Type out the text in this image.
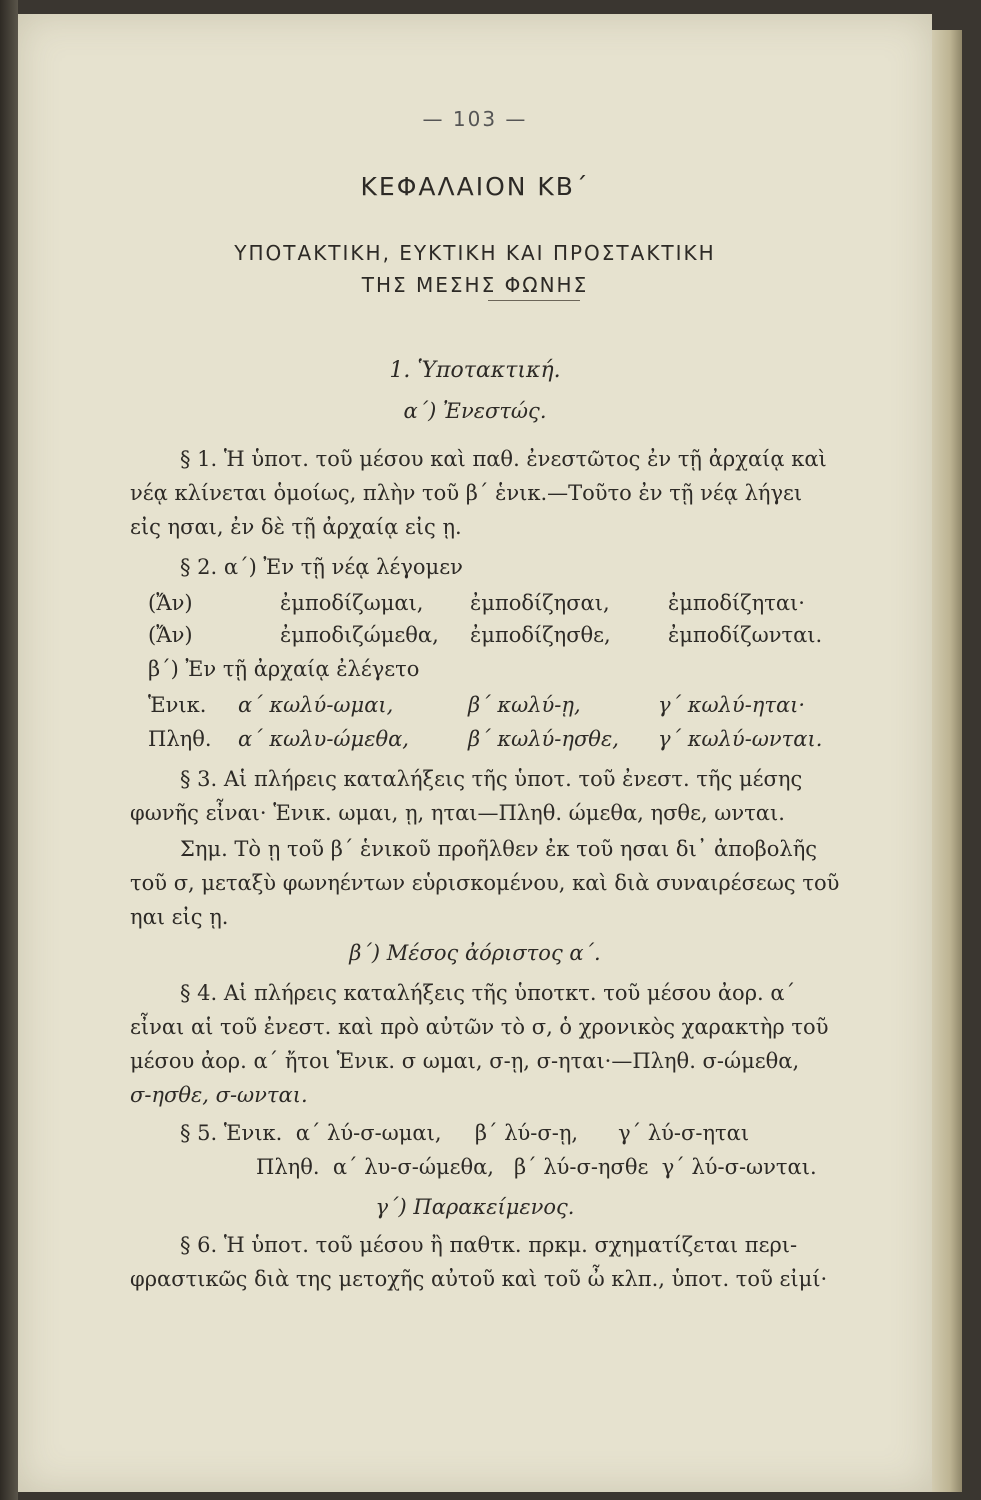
— 103 —
ΚΕΦΑΛΑΙΟΝ ΚΒ΄
ΥΠΟΤΑΚΤΙΚΗ, ΕΥΚΤΙΚΗ ΚΑΙ ΠΡΟΣΤΑΚΤΙΚΗ
ΤΗΣ ΜΕΣΗΣ ΦΩΝΗΣ
1. Ὑποτακτική.
α΄) Ἐνεστώς.
§ 1. Ἡ ὑποτ. τοῦ μέσου καὶ παθ. ἐνεστῶτος ἐν τῇ ἀρχαίᾳ καὶ
νέᾳ κλίνεται ὁμοίως, πλὴν τοῦ β΄ ἑνικ.—Τοῦτο ἐν τῇ νέᾳ λήγει
εἰς ησαι, ἐν δὲ τῇ ἀρχαίᾳ εἰς ῃ.
§ 2. α΄) Ἐν τῇ νέᾳ λέγομεν
(Ἄν)	ἐμποδίζωμαι, ἐμποδίζησαι,	ἐμποδίζηται·
(Ἄν)	ἐμποδιζώμεθα, ἐμποδίζησθε,	ἐμποδίζωνται.
β΄) Ἐν τῇ ἀρχαίᾳ ἐλέγετο
Ἑνικ. α΄ κωλύ-ωμαι,	β΄ κωλύ-ῃ,	γ΄ κωλύ-ηται·
Πληθ. α΄ κωλυ-ώμεθα,	β΄ κωλύ-ησθε, γ΄ κωλύ-ωνται.
§ 3. Αἱ πλήρεις καταλήξεις τῆς ὑποτ. τοῦ ἐνεστ. τῆς μέσης
φωνῆς εἶναι· Ἑνικ. ωμαι, ῃ, ηται—Πληθ. ώμεθα, ησθε, ωνται.
Σημ. Τὸ ῃ τοῦ β΄ ἑνικοῦ προῆλθεν ἐκ τοῦ ησαι δι᾽ ἀποβολῆς
τοῦ σ, μεταξὺ φωνηέντων εὑρισκομένου, καὶ διὰ συναιρέσεως τοῦ
ηαι εἰς ῃ.
β΄) Μέσος ἀόριστος α΄.
§ 4. Αἱ πλήρεις καταλήξεις τῆς ὑποτκτ. τοῦ μέσου ἀορ. α΄
εἶναι αἱ τοῦ ἐνεστ. καὶ πρὸ αὐτῶν τὸ σ, ὁ χρονικὸς χαρακτὴρ τοῦ
μέσου ἀορ. α΄ ἤτοι Ἑνικ. σ ωμαι, σ-ῃ, σ-ηται·—Πληθ. σ-ώμεθα,
σ-ησθε, σ-ωνται.
§ 5. Ἑνικ.  α΄ λύ-σ-ωμαι,     β΄ λύ-σ-ῃ,      γ΄ λύ-σ-ηται
Πληθ.  α΄ λυ-σ-ώμεθα,   β΄ λύ-σ-ησθε  γ΄ λύ-σ-ωνται.
γ΄) Παρακείμενος.
§ 6. Ἡ ὑποτ. τοῦ μέσου ἢ παθτκ. πρκμ. σχηματίζεται περι-
φραστικῶς διὰ της μετοχῆς αὐτοῦ καὶ τοῦ ὦ κλπ., ὑποτ. τοῦ εἰμί·
